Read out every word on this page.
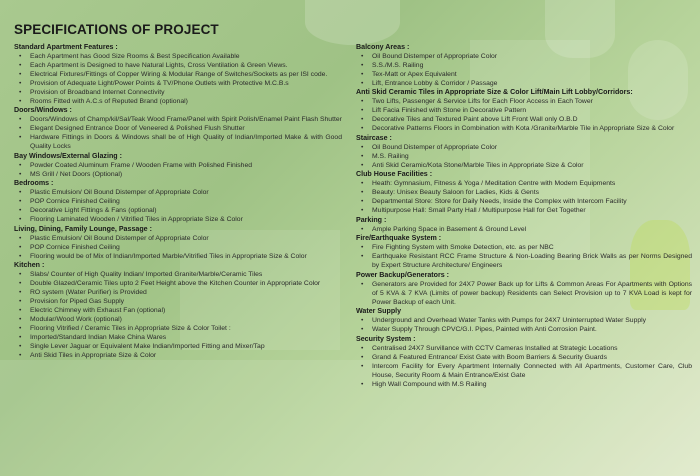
SPECIFICATIONS OF PROJECT
Standard Apartment Features :
• Each Apartment has Good Size Rooms & Best Specification Available
• Each Apartment is Designed to have Natural Lights, Cross Ventilation & Green Views.
• Electrical Fixtures/Fittings of Copper Wiring & Modular Range of Switches/Sockets as per ISI code.
• Provision of Adequate Light/Power Points & TV/Phone Outlets with Protective M.C.B.s
• Provision of Broadband Internet Connectivity
• Rooms Fitted with A.C.s of Reputed Brand (optional)
Doors/Windows :
• Doors/Windows of Champ/kil/Sal/Teak Wood Frame/Panel with Spirit Polish/Enamel Paint Flash Shutter
• Elegant Designed Entrance Door of Veneered & Polished Flush Shutter
• Hardware Fittings in Doors & Windows shall be of High Quality of Indian/Imported Make & with Good Quality Locks
Bay Windows/External Glazing :
• Powder Coated Aluminum Frame / Wooden Frame with Polished Finished
• MS Grill / Net Doors (Optional)
Bedrooms :
• Plastic Emulsion/ Oil Bound Distemper of Appropriate Color
• POP Cornice Finished Ceiling
• Decorative Light Fittings & Fans (optional)
• Flooring Laminated Wooden / Vitrified Tiles in Appropriate Size & Color
Living, Dining, Family Lounge, Passage :
• Plastic Emulsion/ Oil Bound Distemper of Appropriate Color
• POP Cornice Finished Ceiling
• Flooring would be of Mix of Indian/Imported Marble/Vitrified Tiles in Appropriate Size & Color
Kitchen :
• Slabs/ Counter of High Quality Indian/ Imported Granite/Marble/Ceramic Tiles
• Double Glazed/Ceramic Tiles upto 2 Feet Height above the Kitchen Counter in Appropriate Color
• RO system (Water Purifier) is Provided
• Provision for Piped Gas Supply
• Electric Chimney with Exhaust Fan (optional)
• Modular/Wood Work (optional)
• Flooring Vitrified / Ceramic Tiles in Appropriate Size & Color Toilet :
• Imported/Standard Indian Make China Wares
• Single Lever Jaguar or Equivalent Make Indian/Imported Fitting and Mixer/Tap
• Anti Skid Tiles in Appropriate Size & Color
Balcony Areas :
• Oil Bound Distemper of Appropriate Color
• S.S./M.S. Railing
• Tex-Matt or Apex Equivalent
• Lift, Entrance Lobby & Corridor / Passage
Anti Skid Ceramic Tiles in Appropriate Size & Color Lift/Main Lift Lobby/Corridors:
• Two Lifts, Passenger & Service Lifts for Each Floor Access in Each Tower
• Lift Facia Finished with Stone in Decorative Pattern
• Decorative Tiles and Textured Paint above Lift Front Wall only O.B.D
• Decorative Patterns Floors in Combination with Kota /Granite/Marble Tile in Appropriate Size & Color
Staircase :
• Oil Bound Distemper of Appropriate Color
• M.S. Railing
• Anti Skid Ceramic/Kota Stone/Marble Tiles in Appropriate Size & Color
Club House Facilities :
• Heath: Gymnasium, Fitness & Yoga / Meditation Centre with Modern Equipments
• Beauty: Unisex Beauty Saloon for Ladies, Kids & Gents
• Departmental Store: Store for Daily Needs, Inside the Complex with Intercom Facility
• Multipurpose Hall: Small Party Hall / Multipurpose Hall for Get Together
Parking :
• Ample Parking Space in Basement & Ground Level
Fire/Earthquake System :
• Fire Fighting System with Smoke Detection, etc. as per NBC
• Earthquake Resistant RCC Frame Structure & Non-Loading Bearing Brick Walls as per Norms Designed by Expert Structure Architecture/ Engineers
Power Backup/Generators :
• Generators are Provided for 24X7 Power Back up for Lifts & Common Areas For Apartments with Options of 5 KVA & 7 KVA (Limits of power backup) Residents can Select Provision up to 7 KVA Load is kept for Power Backup of each Unit.
Water Supply
• Underground and Overhead Water Tanks with Pumps for 24X7 Uninterrupted Water Supply
• Water Supply Through CPVC/G.I. Pipes, Painted with Anti Corrosion Paint.
Security System :
• Centralised 24X7 Survillance with CCTV Cameras Installed at Strategic Locations
• Grand & Featured Entrance/ Exist Gate with Boom Barriers & Security Guards
• Intercom Facility for Every Apartment Internally Connected with All Apartments, Customer Care, Club House, Security Room & Main Entrance/Exist Gate
• High Wall Compound with M.S Railing
